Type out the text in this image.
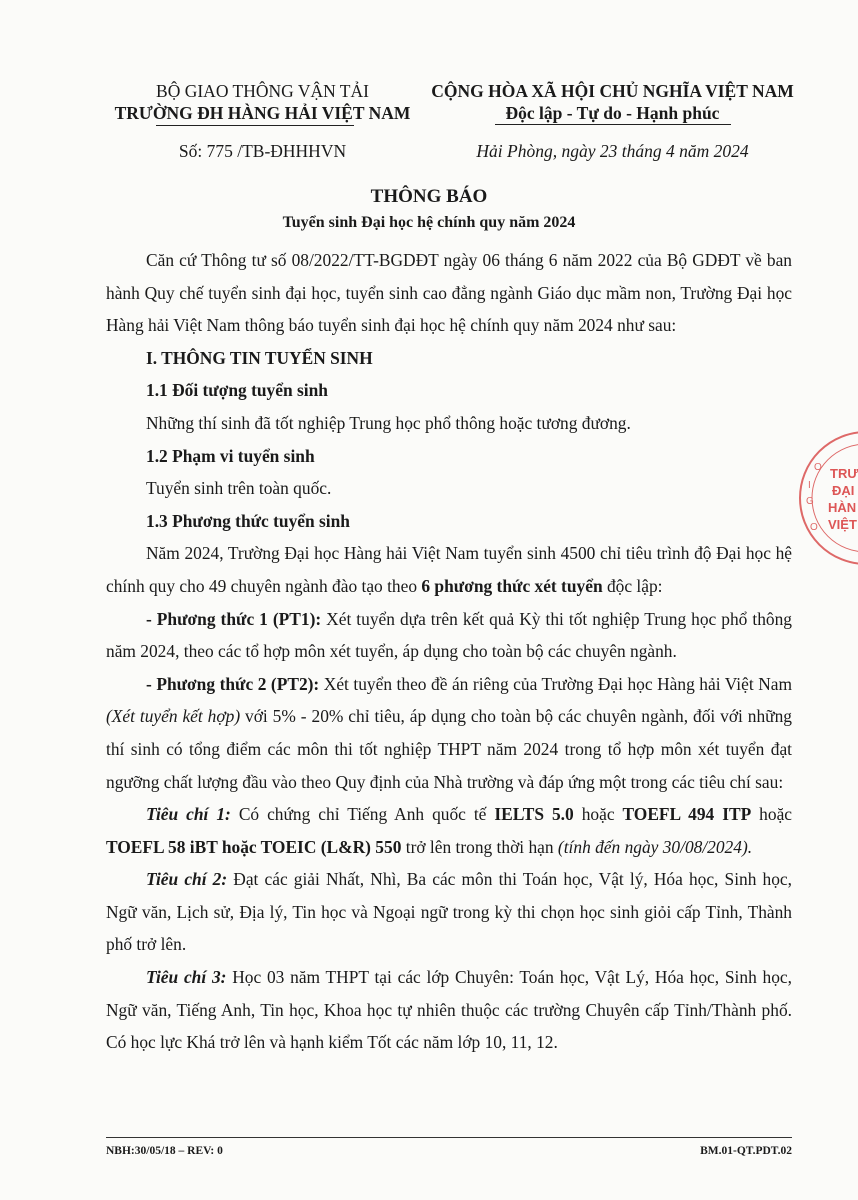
BỘ GIAO THÔNG VẬN TẢI
TRƯỜNG ĐH HÀNG HẢI VIỆT NAM
CỘNG HÒA XÃ HỘI CHỦ NGHĨA VIỆT NAM
Độc lập - Tự do - Hạnh phúc
Số: 775 /TB-ĐHHHVN	Hải Phòng, ngày 23 tháng 4 năm 2024
THÔNG BÁO
Tuyển sinh Đại học hệ chính quy năm 2024

Căn cứ Thông tư số 08/2022/TT-BGDĐT ngày 06 tháng 6 năm 2022 của Bộ GDĐT về ban hành Quy chế tuyển sinh đại học, tuyển sinh cao đẳng ngành Giáo dục mầm non, Trường Đại học Hàng hải Việt Nam thông báo tuyển sinh đại học hệ chính quy năm 2024 như sau:

I. THÔNG TIN TUYỂN SINH

1.1 Đối tượng tuyển sinh

Những thí sinh đã tốt nghiệp Trung học phổ thông hoặc tương đương.

1.2 Phạm vi tuyển sinh

Tuyển sinh trên toàn quốc.

1.3 Phương thức tuyển sinh

Năm 2024, Trường Đại học Hàng hải Việt Nam tuyển sinh 4500 chỉ tiêu trình độ Đại học hệ chính quy cho 49 chuyên ngành đào tạo theo 6 phương thức xét tuyển độc lập:

- Phương thức 1 (PT1): Xét tuyển dựa trên kết quả Kỳ thi tốt nghiệp Trung học phổ thông năm 2024, theo các tổ hợp môn xét tuyển, áp dụng cho toàn bộ các chuyên ngành.

- Phương thức 2 (PT2): Xét tuyển theo đề án riêng của Trường Đại học Hàng hải Việt Nam (Xét tuyển kết hợp) với 5% - 20% chỉ tiêu, áp dụng cho toàn bộ các chuyên ngành, đối với những thí sinh có tổng điểm các môn thi tốt nghiệp THPT năm 2024 trong tổ hợp môn xét tuyển đạt ngưỡng chất lượng đầu vào theo Quy định của Nhà trường và đáp ứng một trong các tiêu chí sau:

Tiêu chí 1: Có chứng chỉ Tiếng Anh quốc tế IELTS 5.0 hoặc TOEFL 494 ITP hoặc TOEFL 58 iBT hoặc TOEIC (L&R) 550 trở lên trong thời hạn (tính đến ngày 30/08/2024).

Tiêu chí 2: Đạt các giải Nhất, Nhì, Ba các môn thi Toán học, Vật lý, Hóa học, Sinh học, Ngữ văn, Lịch sử, Địa lý, Tin học và Ngoại ngữ trong kỳ thi chọn học sinh giỏi cấp Tỉnh, Thành phố trở lên.

Tiêu chí 3: Học 03 năm THPT tại các lớp Chuyên: Toán học, Vật Lý, Hóa học, Sinh học, Ngữ văn, Tiếng Anh, Tin học, Khoa học tự nhiên thuộc các trường Chuyên cấp Tỉnh/Thành phố. Có học lực Khá trở lên và hạnh kiểm Tốt các năm lớp 10, 11, 12.

TRƯ
ĐẠI
HÀN
VIỆT
O
I
G
O
NBH:30/05/18 – REV: 0	BM.01-QT.PDT.02
